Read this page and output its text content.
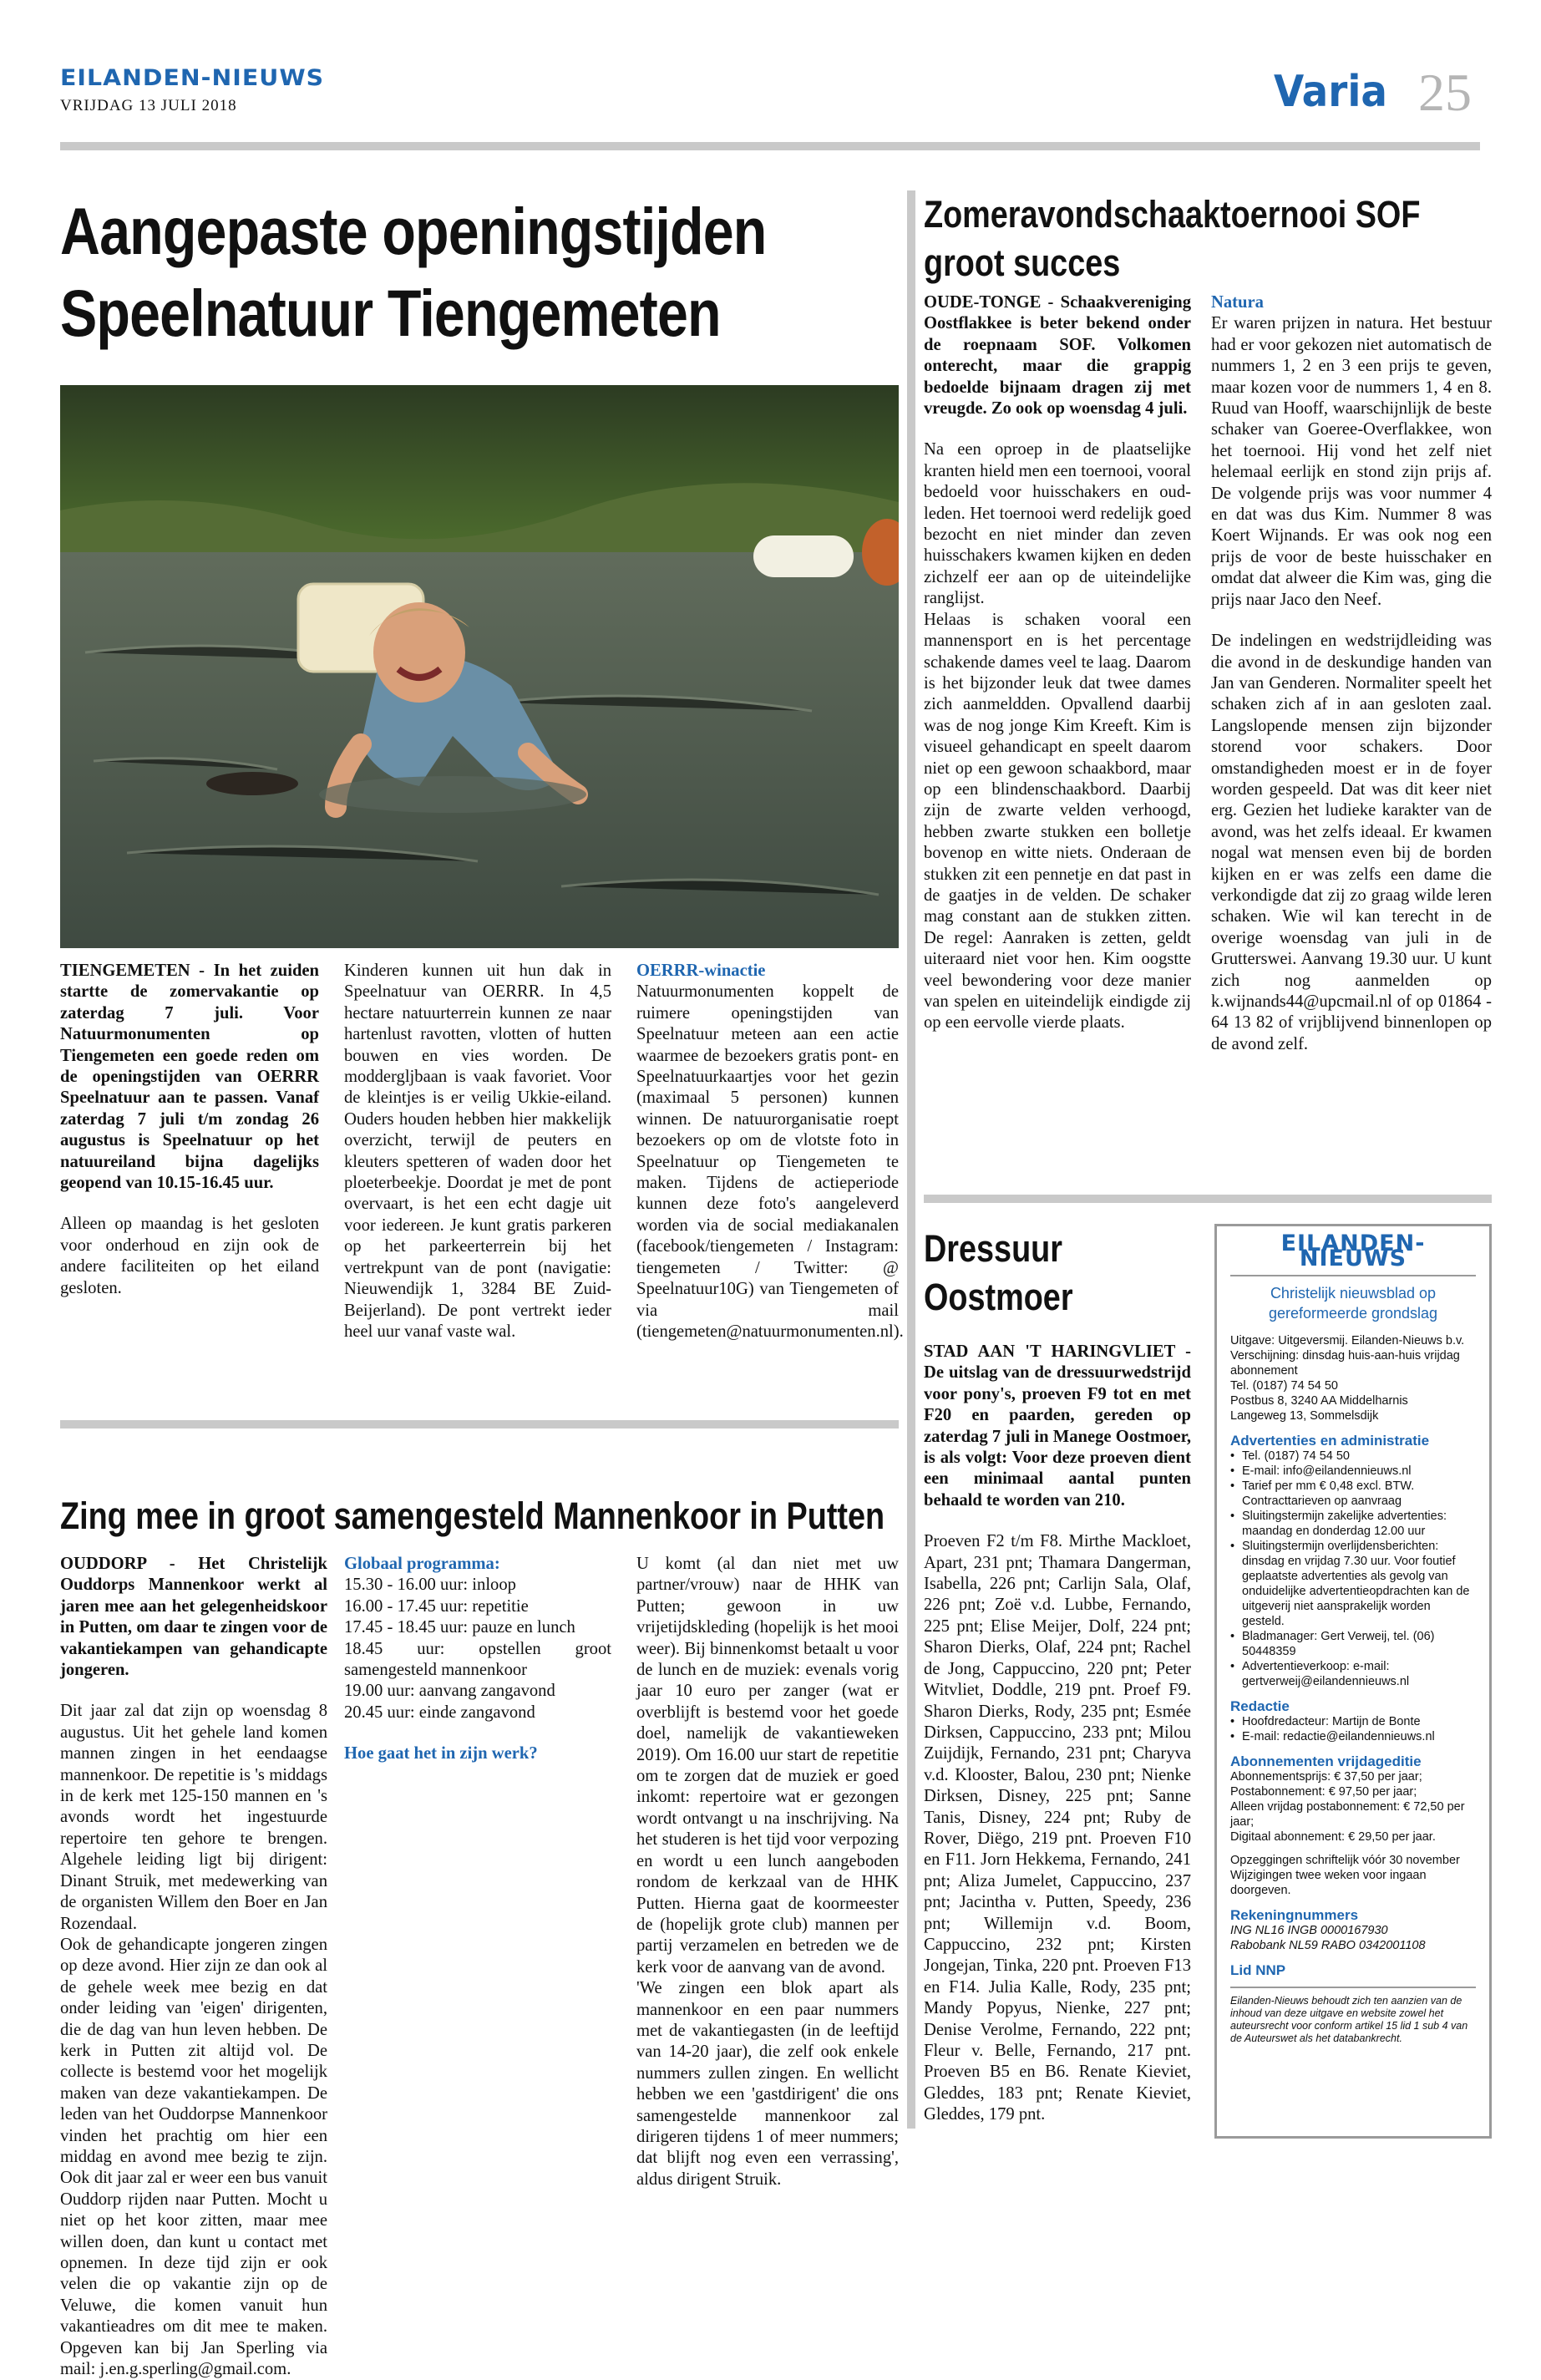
EILANDEN-NIEUWS
VRIJDAG 13 JULI 2018	Varia 25
Aangepaste openingstijden Speelnatuur Tiengemeten

TIENGEMETEN - In het zuiden startte de zomervakantie op zaterdag 7 juli. Voor Natuurmonumenten op Tiengemeten een goede reden om de openingstijden van OERRR Speelnatuur aan te passen. Vanaf zaterdag 7 juli t/m zondag 26 augustus is Speelnatuur op het natuureiland bijna dagelijks geopend van 10.15-16.45 uur.

Alleen op maandag is het gesloten voor onderhoud en zijn ook de andere faciliteiten op het eiland gesloten.

Kinderen kunnen uit hun dak in Speelnatuur van OERRR. In 4,5 hectare natuurterrein kunnen ze naar hartenlust ravotten, vlotten of hutten bouwen en vies worden. De moddergljbaan is vaak favoriet. Voor de kleintjes is er veilig Ukkie-eiland. Ouders houden hebben hier makkelijk overzicht, terwijl de peuters en kleuters spetteren of waden door het ploeterbeekje. Doordat je met de pont overvaart, is het een echt dagje uit voor iedereen. Je kunt gratis parkeren op het parkeerterrein bij het vertrekpunt van de pont (navigatie: Nieuwendijk 1, 3284 BE Zuid-Beijerland). De pont vertrekt ieder heel uur vanaf vaste wal.

OERRR-winactie

Natuurmonumenten koppelt de ruimere openingstijden van Speelnatuur meteen aan een actie waarmee de bezoekers gratis pont- en Speelnatuurkaartjes voor het gezin (maximaal 5 personen) kunnen winnen. De natuurorganisatie roept bezoekers op om de vlotste foto in Speelnatuur op Tiengemeten te maken. Tijdens de actieperiode kunnen deze foto's aangeleverd worden via de social mediakanalen (facebook/tiengemeten / Instagram: tiengemeten / Twitter: @ Speelnatuur10G) van Tiengemeten of via mail (tiengemeten@natuurmonumenten.nl).

Zomeravondschaaktoernooi SOF groot succes

OUDE-TONGE - Schaakvereniging Oostflakkee is beter bekend onder de roepnaam SOF. Volkomen onterecht, maar die grappig bedoelde bijnaam dragen zij met vreugde. Zo ook op woensdag 4 juli.

Na een oproep in de plaatselijke kranten hield men een toernooi, vooral bedoeld voor huisschakers en oud-leden. Het toernooi werd redelijk goed bezocht en niet minder dan zeven huisschakers kwamen kijken en deden zichzelf eer aan op de uiteindelijke ranglijst.

Helaas is schaken vooral een mannensport en is het percentage schakende dames veel te laag. Daarom is het bijzonder leuk dat twee dames zich aanmeldden. Opvallend daarbij was de nog jonge Kim Kreeft. Kim is visueel gehandicapt en speelt daarom niet op een gewoon schaakbord, maar op een blindenschaakbord. Daarbij zijn de zwarte velden verhoogd, hebben zwarte stukken een bolletje bovenop en witte niets. Onderaan de stukken zit een pennetje en dat past in de gaatjes in de velden. De schaker mag constant aan de stukken zitten. De regel: Aanraken is zetten, geldt uiteraard niet voor hen. Kim oogstte veel bewondering voor deze manier van spelen en uiteindelijk eindigde zij op een eervolle vierde plaats.

Natura

Er waren prijzen in natura. Het bestuur had er voor gekozen niet automatisch de nummers 1, 2 en 3 een prijs te geven, maar kozen voor de nummers 1, 4 en 8. Ruud van Hooff, waarschijnlijk de beste schaker van Goeree-Overflakkee, won het toernooi. Hij vond het zelf niet helemaal eerlijk en stond zijn prijs af. De volgende prijs was voor nummer 4 en dat was dus Kim. Nummer 8 was Koert Wijnands. Er was ook nog een prijs de voor de beste huisschaker en omdat dat alweer die Kim was, ging die prijs naar Jaco den Neef.

De indelingen en wedstrijdleiding was die avond in de deskundige handen van Jan van Genderen. Normaliter speelt het schaken zich af in aan gesloten zaal. Langslopende mensen zijn bijzonder storend voor schakers. Door omstandigheden moest er in de foyer worden gespeeld. Dat was dit keer niet erg. Gezien het ludieke karakter van de avond, was het zelfs ideaal. Er kwamen nogal wat mensen even bij de borden kijken en er was zelfs een dame die verkondigde dat zij zo graag wilde leren schaken. Wie wil kan terecht in de overige woensdag van juli in de Grutterswei. Aanvang 19.30 uur. U kunt zich nog aanmelden op k.wijnands44@upcmail.nl of op 01864 - 64 13 82 of vrijblijvend binnenlopen op de avond zelf.

Dressuur Oostmoer

STAD AAN 'T HARINGVLIET - De uitslag van de dressuurwedstrijd voor pony's, proeven F9 tot en met F20 en paarden, gereden op zaterdag 7 juli in Manege Oostmoer, is als volgt: Voor deze proeven dient een minimaal aantal punten behaald te worden van 210.

Proeven F2 t/m F8. Mirthe Mackloet, Apart, 231 pnt; Thamara Dangerman, Isabella, 226 pnt; Carlijn Sala, Olaf, 226 pnt; Zoë v.d. Lubbe, Fernando, 225 pnt; Elise Meijer, Dolf, 224 pnt; Sharon Dierks, Olaf, 224 pnt; Rachel de Jong, Cappuccino, 220 pnt; Peter Witvliet, Doddle, 219 pnt. Proef F9. Sharon Dierks, Rody, 235 pnt; Esmée Dirksen, Cappuccino, 233 pnt; Milou Zuijdijk, Fernando, 231 pnt; Charyva v.d. Klooster, Balou, 230 pnt; Nienke Dirksen, Disney, 225 pnt; Sanne Tanis, Disney, 224 pnt; Ruby de Rover, Diëgo, 219 pnt. Proeven F10 en F11. Jorn Hekkema, Fernando, 241 pnt; Aliza Jumelet, Cappuccino, 237 pnt; Jacintha v. Putten, Speedy, 236 pnt; Willemijn v.d. Boom, Cappuccino, 232 pnt; Kirsten Jongejan, Tinka, 220 pnt. Proeven F13 en F14. Julia Kalle, Rody, 235 pnt; Mandy Popyus, Nienke, 227 pnt; Denise Verolme, Fernando, 222 pnt; Fleur v. Belle, Fernando, 217 pnt. Proeven B5 en B6. Renate Kieviet, Gleddes, 183 pnt; Renate Kieviet, Gleddes, 179 pnt.

Zing mee in groot samengesteld Mannenkoor in Putten

OUDDORP - Het Christelijk Ouddorps Mannenkoor werkt al jaren mee aan het gelegenheidskoor in Putten, om daar te zingen voor de vakantiekampen van gehandicapte jongeren.

Dit jaar zal dat zijn op woensdag 8 augustus. Uit het gehele land komen mannen zingen in het eendaagse mannenkoor. De repetitie is 's middags in de kerk met 125-150 mannen en 's avonds wordt het ingestuurde repertoire ten gehore te brengen. Algehele leiding ligt bij dirigent: Dinant Struik, met medewerking van de organisten Willem den Boer en Jan Rozendaal.

Ook de gehandicapte jongeren zingen op deze avond. Hier zijn ze dan ook al de gehele week mee bezig en dat onder leiding van 'eigen' dirigenten, die de dag van hun leven hebben. De kerk in Putten zit altijd vol. De collecte is bestemd voor het mogelijk maken van deze vakantiekampen. De leden van het Ouddorpse Mannenkoor vinden het prachtig om hier een middag en avond mee bezig te zijn. Ook dit jaar zal er weer een bus vanuit Ouddorp rijden naar Putten. Mocht u niet op het koor zitten, maar mee willen doen, dan kunt u contact met opnemen. In deze tijd zijn er ook velen die op vakantie zijn op de Veluwe, die komen vanuit hun vakantieadres om dit mee te maken. Opgeven kan bij Jan Sperling via mail: j.en.g.sperling@gmail.com.

Globaal programma:
15.30 - 16.00 uur: inloop
16.00 - 17.45 uur: repetitie
17.45 - 18.45 uur: pauze en lunch
18.45 uur: opstellen groot samengesteld mannenkoor
19.00 uur: aanvang zangavond
20.45 uur: einde zangavond
Hoe gaat het in zijn werk?

U komt (al dan niet met uw partner/vrouw) naar de HHK van Putten; gewoon in uw vrijetijdskleding (hopelijk is het mooi weer). Bij binnenkomst betaalt u voor de lunch en de muziek: evenals vorig jaar 10 euro per zanger (wat er overblijft is bestemd voor het goede doel, namelijk de vakantieweken 2019). Om 16.00 uur start de repetitie om te zorgen dat de muziek er goed inkomt: repertoire wat er gezongen wordt ontvangt u na inschrijving. Na het studeren is het tijd voor verpozing en wordt u een lunch aangeboden rondom de kerkzaal van de HHK Putten. Hierna gaat de koormeester de (hopelijk grote club) mannen per partij verzamelen en betreden we de kerk voor de aanvang van de avond.

'We zingen een blok apart als mannenkoor en een paar nummers met de vakantiegasten (in de leeftijd van 14-20 jaar), die zelf ook enkele nummers zullen zingen. En wellicht hebben we een 'gastdirigent' die ons samengestelde mannenkoor zal dirigeren tijdens 1 of meer nummers; dat blijft nog even een verrassing', aldus dirigent Struik.

EILANDEN-NIEUWS
Christelijk nieuwsblad op gereformeerde grondslag
Uitgave: Uitgeversmij. Eilanden-Nieuws b.v.
Verschijning: dinsdag huis-aan-huis vrijdag abonnement
Tel. (0187) 74 54 50
Postbus 8, 3240 AA Middelharnis
Langeweg 13, Sommelsdijk
Advertenties en administratie
• Tel. (0187) 74 54 50
• E-mail: info@eilandennieuws.nl
• Tarief per mm € 0,48 excl. BTW. Contracttarieven op aanvraag
• Sluitingstermijn zakelijke advertenties: maandag en donderdag 12.00 uur
• Sluitingstermijn overlijdensberichten: dinsdag en vrijdag 7.30 uur. Voor foutief geplaatste advertenties als gevolg van onduidelijke advertentieopdrachten kan de uitgeverij niet aansprakelijk worden gesteld.
• Bladmanager: Gert Verweij, tel. (06) 50448359
• Advertentieverkoop: e-mail: gertverweij@eilandennieuws.nl
Redactie
• Hoofdredacteur: Martijn de Bonte
• E-mail: redactie@eilandennieuws.nl
Abonnementen vrijdageditie
Abonnementsprijs: € 37,50 per jaar;
Postabonnement: € 97,50 per jaar;
Alleen vrijdag postabonnement: € 72,50 per jaar;
Digitaal abonnement: € 29,50 per jaar.
Opzeggingen schriftelijk vóór 30 november Wijzigingen twee weken voor ingaan doorgeven.
Rekeningnummers
ING NL16 INGB 0000167930
Rabobank NL59 RABO 0342001108
Lid NNP
Eilanden-Nieuws behoudt zich ten aanzien van de inhoud van deze uitgave en website zowel het auteursrecht voor conform artikel 15 lid 1 sub 4 van de Auteurswet als het databankrecht.
